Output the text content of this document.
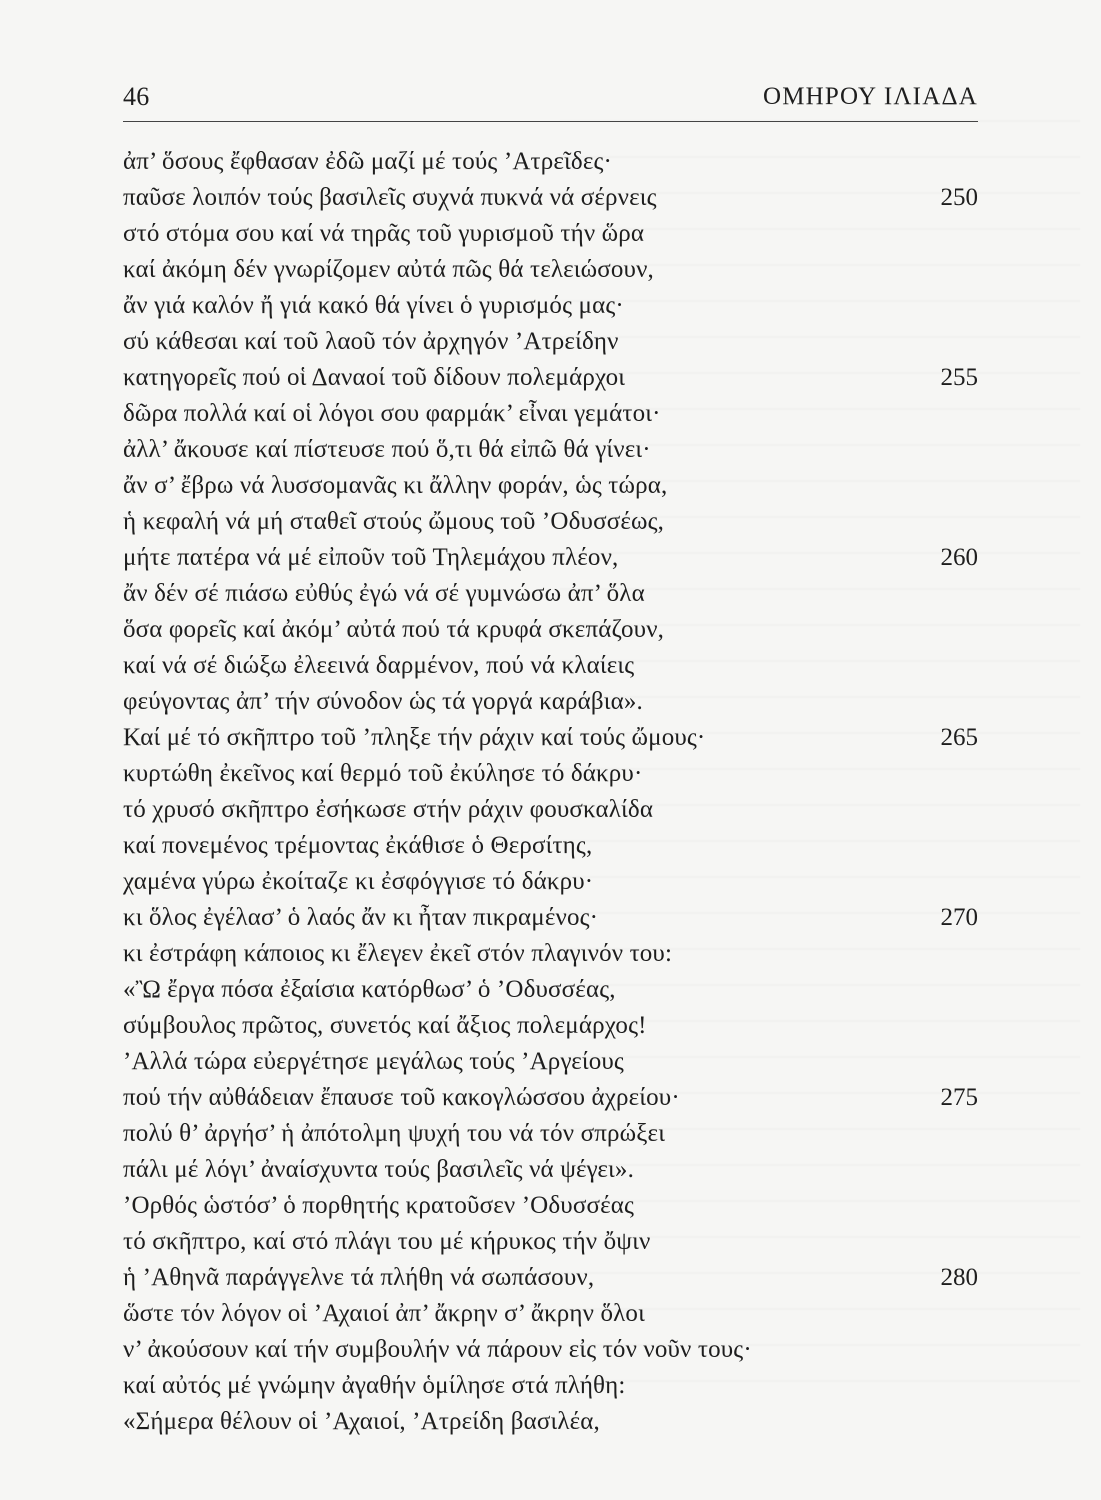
46	ΟΜΗΡΟΥ ΙΛΙΑΔΑ
ἀπ’ ὅσους ἔφθασαν ἐδῶ μαζί μέ τούς ’Ατρεῖδες·
παῦσε λοιπόν τούς βασιλεῖς συχνά πυκνά νά σέρνεις	250
στό στόμα σου καί νά τηρᾶς τοῦ γυρισμοῦ τήν ὥρα
καί ἀκόμη δέν γνωρίζομεν αὐτά πῶς θά τελειώσουν,
ἄν γιά καλόν ἤ γιά κακό θά γίνει ὁ γυρισμός μας·
σύ κάθεσαι καί τοῦ λαοῦ τόν ἀρχηγόν ’Ατρείδην
κατηγορεῖς πού οἱ Δαναοί τοῦ δίδουν πολεμάρχοι	255
δῶρα πολλά καί οἱ λόγοι σου φαρμάκ’ εἶναι γεμάτοι·
ἀλλ’ ἄκουσε καί πίστευσε πού ὅ,τι θά εἰπῶ θά γίνει·
ἄν σ’ ἔβρω νά λυσσομανᾶς κι ἄλλην φοράν, ὡς τώρα,
ἡ κεφαλή νά μή σταθεῖ στούς ὤμους τοῦ ’Οδυσσέως,
μήτε πατέρα νά μέ εἰποῦν τοῦ Τηλεμάχου πλέον,	260
ἄν δέν σέ πιάσω εὐθύς ἐγώ νά σέ γυμνώσω ἀπ’ ὅλα
ὅσα φορεῖς καί ἀκόμ’ αὐτά πού τά κρυφά σκεπάζουν,
καί νά σέ διώξω ἐλεεινά δαρμένον, πού νά κλαίεις
φεύγοντας ἀπ’ τήν σύνοδον ὡς τά γοργά καράβια».
Καί μέ τό σκῆπτρο τοῦ ’πληξε τήν ράχιν καί τούς ὤμους·	265
κυρτώθη ἐκεῖνος καί θερμό τοῦ ἐκύλησε τό δάκρυ·
τό χρυσό σκῆπτρο ἐσήκωσε στήν ράχιν φουσκαλίδα
καί πονεμένος τρέμοντας ἐκάθισε ὁ Θερσίτης,
χαμένα γύρω ἐκοίταζε κι ἐσφόγγισε τό δάκρυ·
κι ὅλος ἐγέλασ’ ὁ λαός ἄν κι ἦταν πικραμένος·	270
κι ἐστράφη κάποιος κι ἔλεγεν ἐκεῖ στόν πλαγινόν του:
«Ὢ ἔργα πόσα ἐξαίσια κατόρθωσ’ ὁ ’Οδυσσέας,
σύμβουλος πρῶτος, συνετός καί ἄξιος πολεμάρχος!
’Αλλά τώρα εὐεργέτησε μεγάλως τούς ’Αργείους
πού τήν αὐθάδειαν ἔπαυσε τοῦ κακογλώσσου ἀχρείου·	275
πολύ θ’ ἀργήσ’ ἡ ἀπότολμη ψυχή του νά τόν σπρώξει
πάλι μέ λόγι’ ἀναίσχυντα τούς βασιλεῖς νά ψέγει».
’Ορθός ὡστόσ’ ὁ πορθητής κρατοῦσεν ’Οδυσσέας
τό σκῆπτρο, καί στό πλάγι του μέ κήρυκος τήν ὄψιν
ἡ ’Αθηνᾶ παράγγελνε τά πλήθη νά σωπάσουν,	280
ὥστε τόν λόγον οἱ ’Αχαιοί ἀπ’ ἄκρην σ’ ἄκρην ὅλοι
ν’ ἀκούσουν καί τήν συμβουλήν νά πάρουν εἰς τόν νοῦν τους·
καί αὐτός μέ γνώμην ἀγαθήν ὁμίλησε στά πλήθη:
«Σήμερα θέλουν οἱ ’Αχαιοί, ’Ατρείδη βασιλέα,
